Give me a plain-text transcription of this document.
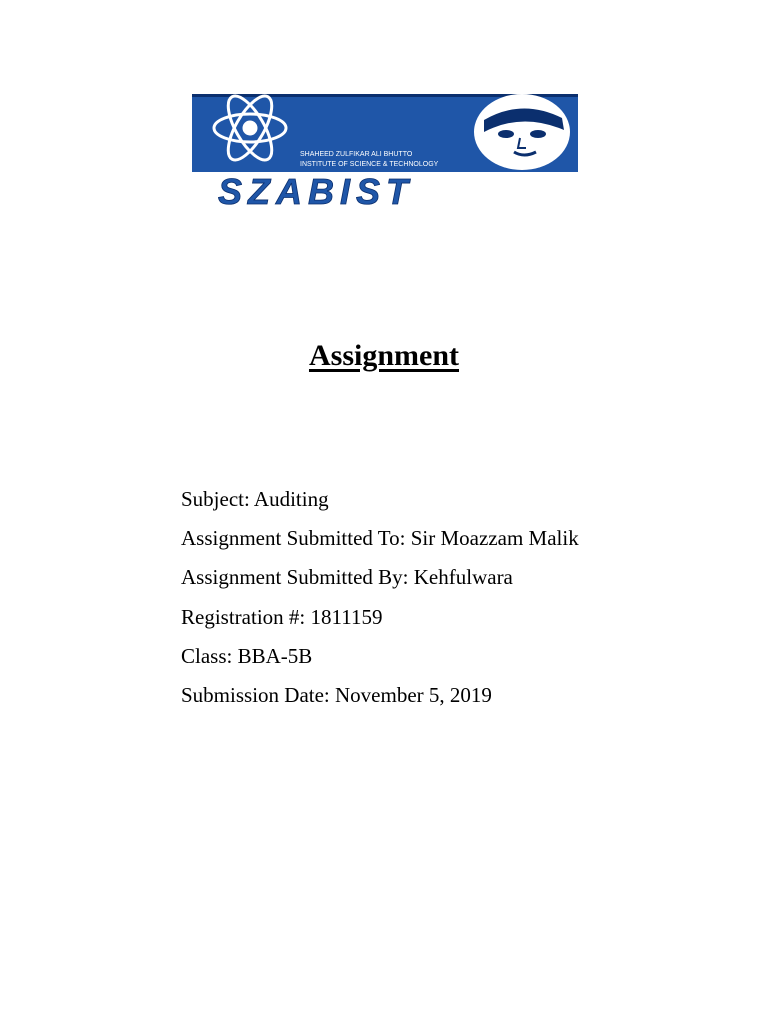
SHAHEED ZULFIKAR ALI BHUTTO
INSTITUTE OF SCIENCE & TECHNOLOGY
SZABIST
Assignment
Subject: Auditing
Assignment Submitted To: Sir Moazzam Malik
Assignment Submitted By: Kehfulwara
Registration #: 1811159
Class: BBA-5B
Submission Date: November 5, 2019
